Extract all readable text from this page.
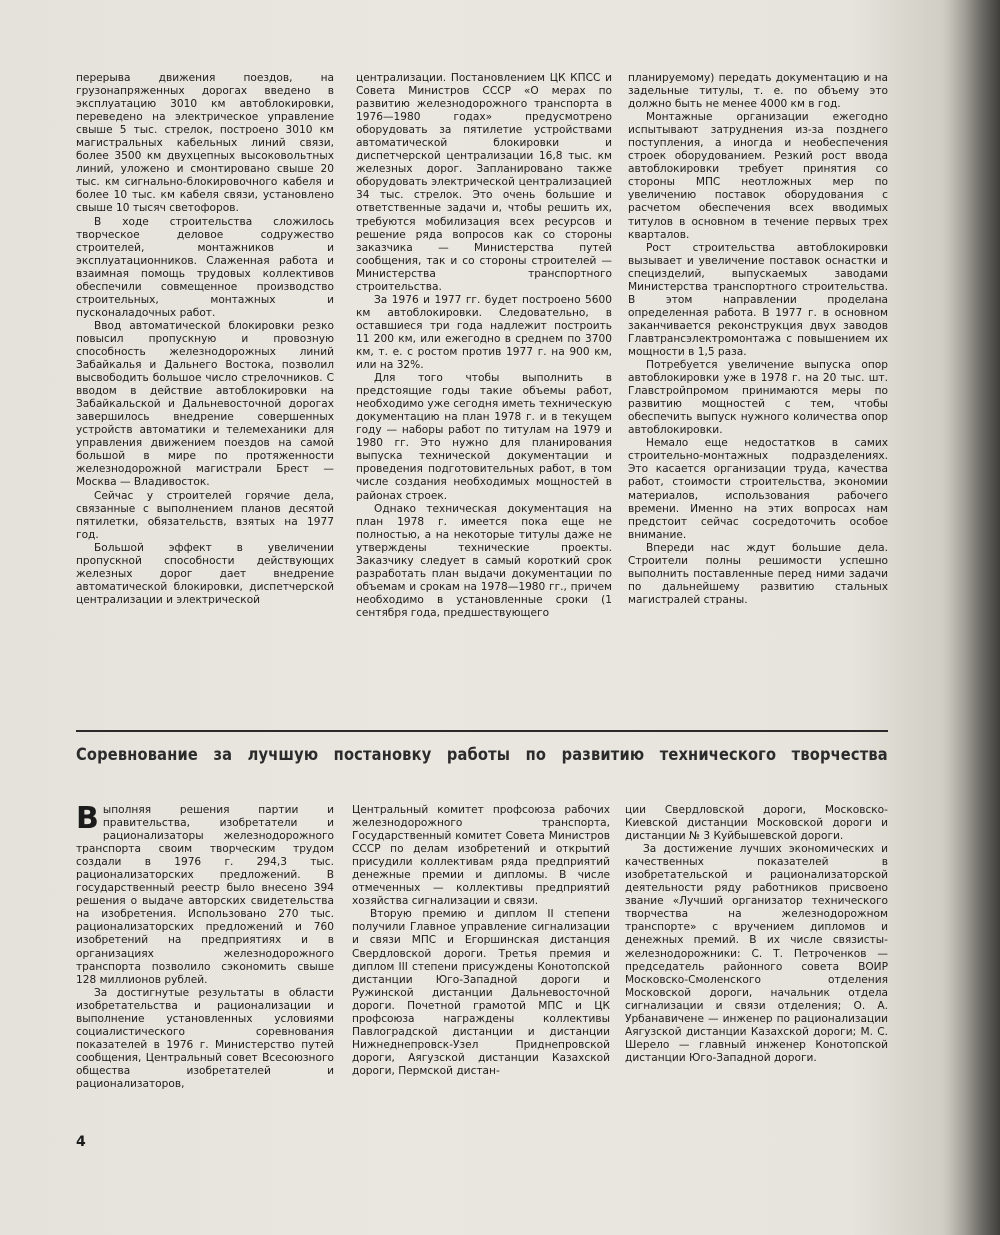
перерыва движения поездов, на грузонапряженных дорогах введено в эксплуатацию 3010 км автоблокировки, переведено на электрическое управление свыше 5 тыс. стрелок, построено 3010 км магистральных кабельных линий связи, более 3500 км двухцепных высоковольтных линий, уложено и смонтировано свыше 20 тыс. км сигнально-блокировочного кабеля и более 10 тыс. км кабеля связи, установлено свыше 10 тысяч светофоров.

В ходе строительства сложилось творческое деловое содружество строителей, монтажников и эксплуатационников. Слаженная работа и взаимная помощь трудовых коллективов обеспечили совмещенное производство строительных, монтажных и пусконаладочных работ.

Ввод автоматической блокировки резко повысил пропускную и провозную способность железнодорожных линий Забайкалья и Дальнего Востока, позволил высвободить большое число стрелочников. С вводом в действие автоблокировки на Забайкальской и Дальневосточной дорогах завершилось внедрение совершенных устройств автоматики и телемеханики для управления движением поездов на самой большой в мире по протяженности железнодорожной магистрали Брест — Москва — Владивосток.

Сейчас у строителей горячие дела, связанные с выполнением планов десятой пятилетки, обязательств, взятых на 1977 год.

Большой эффект в увеличении пропускной способности действующих железных дорог дает внедрение автоматической блокировки, диспетчерской централизации и электрической

централизации. Постановлением ЦК КПСС и Совета Министров СССР «О мерах по развитию железнодорожного транспорта в 1976—1980 годах» предусмотрено оборудовать за пятилетие устройствами автоматической блокировки и диспетчерской централизации 16,8 тыс. км железных дорог. Запланировано также оборудовать электрической централизацией 34 тыс. стрелок. Это очень большие и ответственные задачи и, чтобы решить их, требуются мобилизация всех ресурсов и решение ряда вопросов как со стороны заказчика — Министерства путей сообщения, так и со стороны строителей — Министерства транспортного строительства.

За 1976 и 1977 гг. будет построено 5600 км автоблокировки. Следовательно, в оставшиеся три года надлежит построить 11 200 км, или ежегодно в среднем по 3700 км, т. е. с ростом против 1977 г. на 900 км, или на 32%.

Для того чтобы выполнить в предстоящие годы такие объемы работ, необходимо уже сегодня иметь техническую документацию на план 1978 г. и в текущем году — наборы работ по титулам на 1979 и 1980 гг. Это нужно для планирования выпуска технической документации и проведения подготовительных работ, в том числе создания необходимых мощностей в районах строек.

Однако техническая документация на план 1978 г. имеется пока еще не полностью, а на некоторые титулы даже не утверждены технические проекты. Заказчику следует в самый короткий срок разработать план выдачи документации по объемам и срокам на 1978—1980 гг., причем необходимо в установленные сроки (1 сентября года, предшествующего

планируемому) передать документацию и на задельные титулы, т. е. по объему это должно быть не менее 4000 км в год.

Монтажные организации ежегодно испытывают затруднения из-за позднего поступления, а иногда и необеспечения строек оборудованием. Резкий рост ввода автоблокировки требует принятия со стороны МПС неотложных мер по увеличению поставок оборудования с расчетом обеспечения всех вводимых титулов в основном в течение первых трех кварталов.

Рост строительства автоблокировки вызывает и увеличение поставок оснастки и специзделий, выпускаемых заводами Министерства транспортного строительства. В этом направлении проделана определенная работа. В 1977 г. в основном заканчивается реконструкция двух заводов Главтрансэлектромонтажа с повышением их мощности в 1,5 раза.

Потребуется увеличение выпуска опор автоблокировки уже в 1978 г. на 20 тыс. шт. Главстройпромом принимаются меры по развитию мощностей с тем, чтобы обеспечить выпуск нужного количества опор автоблокировки.

Немало еще недостатков в самих строительно-монтажных подразделениях. Это касается организации труда, качества работ, стоимости строительства, экономии материалов, использования рабочего времени. Именно на этих вопросах нам предстоит сейчас сосредоточить особое внимание.

Впереди нас ждут большие дела. Строители полны решимости успешно выполнить поставленные перед ними задачи по дальнейшему развитию стальных магистралей страны.

Соревнование за лучшую постановку работы по развитию технического творчества

Выполняя решения партии и правительства, изобретатели и рационализаторы железнодорожного транспорта своим творческим трудом создали в 1976 г. 294,3 тыс. рационализаторских предложений. В государственный реестр было внесено 394 решения о выдаче авторских свидетельства на изобретения. Использовано 270 тыс. рационализаторских предложений и 760 изобретений на предприятиях и в организациях железнодорожного транспорта позволило сэкономить свыше 128 миллионов рублей.

За достигнутые результаты в области изобретательства и рационализации и выполнение установленных условиями социалистического соревнования показателей в 1976 г. Министерство путей сообщения, Центральный совет Всесоюзного общества изобретателей и рационализаторов,

Центральный комитет профсоюза рабочих железнодорожного транспорта, Государственный комитет Совета Министров СССР по делам изобретений и открытий присудили коллективам ряда предприятий денежные премии и дипломы. В числе отмеченных — коллективы предприятий хозяйства сигнализации и связи.

Вторую премию и диплом II степени получили Главное управление сигнализации и связи МПС и Егоршинская дистанция Свердловской дороги. Третья премия и диплом III степени присуждены Конотопской дистанции Юго-Западной дороги и Ружинской дистанции Дальневосточной дороги. Почетной грамотой МПС и ЦК профсоюза награждены коллективы Павлоградской дистанции и дистанции Нижнеднепровск-Узел Приднепровской дороги, Аягузской дистанции Казахской дороги, Пермской дистан-

ции Свердловской дороги, Московско-Киевской дистанции Московской дороги и дистанции № 3 Куйбышевской дороги.

За достижение лучших экономических и качественных показателей в изобретательской и рационализаторской деятельности ряду работников присвоено звание «Лучший организатор технического творчества на железнодорожном транспорте» с вручением дипломов и денежных премий. В их числе связисты-железнодорожники: С. Т. Петроченков — председатель районного совета ВОИР Московско-Смоленского отделения Московской дороги, начальник отдела сигнализации и связи отделения; О. А. Урбанавичене — инженер по рационализации Аягузской дистанции Казахской дороги; М. С. Шерело — главный инженер Конотопской дистанции Юго-Западной дороги.

4
